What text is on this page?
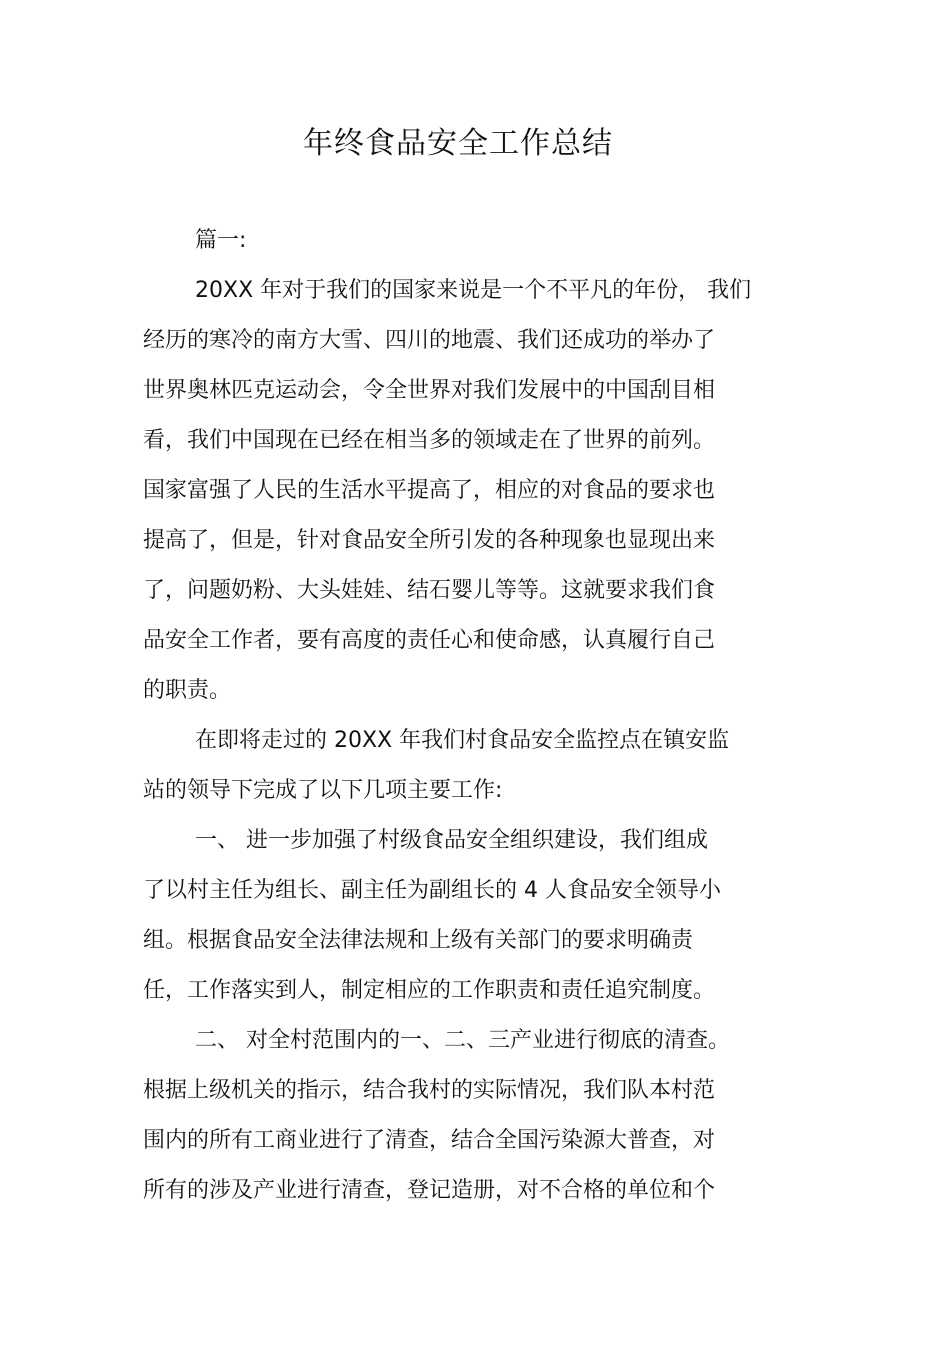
年终食品安全工作总结
篇一:
20XX 年对于我们的国家来说是一个不平凡的年份， 我们
经历的寒冷的南方大雪、四川的地震、我们还成功的举办了
世界奥林匹克运动会，令全世界对我们发展中的中国刮目相
看，我们中国现在已经在相当多的领域走在了世界的前列。
国家富强了人民的生活水平提高了，相应的对食品的要求也
提高了，但是，针对食品安全所引发的各种现象也显现出来
了，问题奶粉、大头娃娃、结石婴儿等等。这就要求我们食
品安全工作者，要有高度的责任心和使命感，认真履行自己
的职责。
在即将走过的 20XX 年我们村食品安全监控点在镇安监
站的领导下完成了以下几项主要工作:
一、 进一步加强了村级食品安全组织建设，我们组成
了以村主任为组长、副主任为副组长的 4 人食品安全领导小
组。根据食品安全法律法规和上级有关部门的要求明确责
任，工作落实到人，制定相应的工作职责和责任追究制度。
二、 对全村范围内的一、二、三产业进行彻底的清查。
根据上级机关的指示，结合我村的实际情况，我们队本村范
围内的所有工商业进行了清查，结合全国污染源大普查，对
所有的涉及产业进行清查，登记造册，对不合格的单位和个
